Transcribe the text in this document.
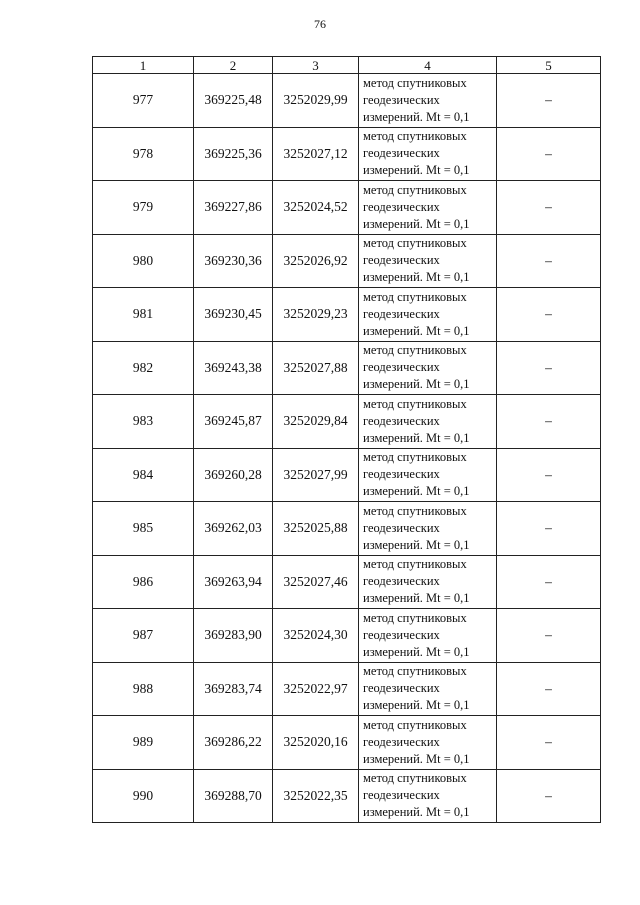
76
1	2	3	4	5
977	369225,48	3252029,99	метод спутниковых
геодезических
измерений. Mt = 0,1	–
978	369225,36	3252027,12	метод спутниковых
геодезических
измерений. Mt = 0,1	–
979	369227,86	3252024,52	метод спутниковых
геодезических
измерений. Mt = 0,1	–
980	369230,36	3252026,92	метод спутниковых
геодезических
измерений. Mt = 0,1	–
981	369230,45	3252029,23	метод спутниковых
геодезических
измерений. Mt = 0,1	–
982	369243,38	3252027,88	метод спутниковых
геодезических
измерений. Mt = 0,1	–
983	369245,87	3252029,84	метод спутниковых
геодезических
измерений. Mt = 0,1	–
984	369260,28	3252027,99	метод спутниковых
геодезических
измерений. Mt = 0,1	–
985	369262,03	3252025,88	метод спутниковых
геодезических
измерений. Mt = 0,1	–
986	369263,94	3252027,46	метод спутниковых
геодезических
измерений. Mt = 0,1	–
987	369283,90	3252024,30	метод спутниковых
геодезических
измерений. Mt = 0,1	–
988	369283,74	3252022,97	метод спутниковых
геодезических
измерений. Mt = 0,1	–
989	369286,22	3252020,16	метод спутниковых
геодезических
измерений. Mt = 0,1	–
990	369288,70	3252022,35	метод спутниковых
геодезических
измерений. Mt = 0,1	–
